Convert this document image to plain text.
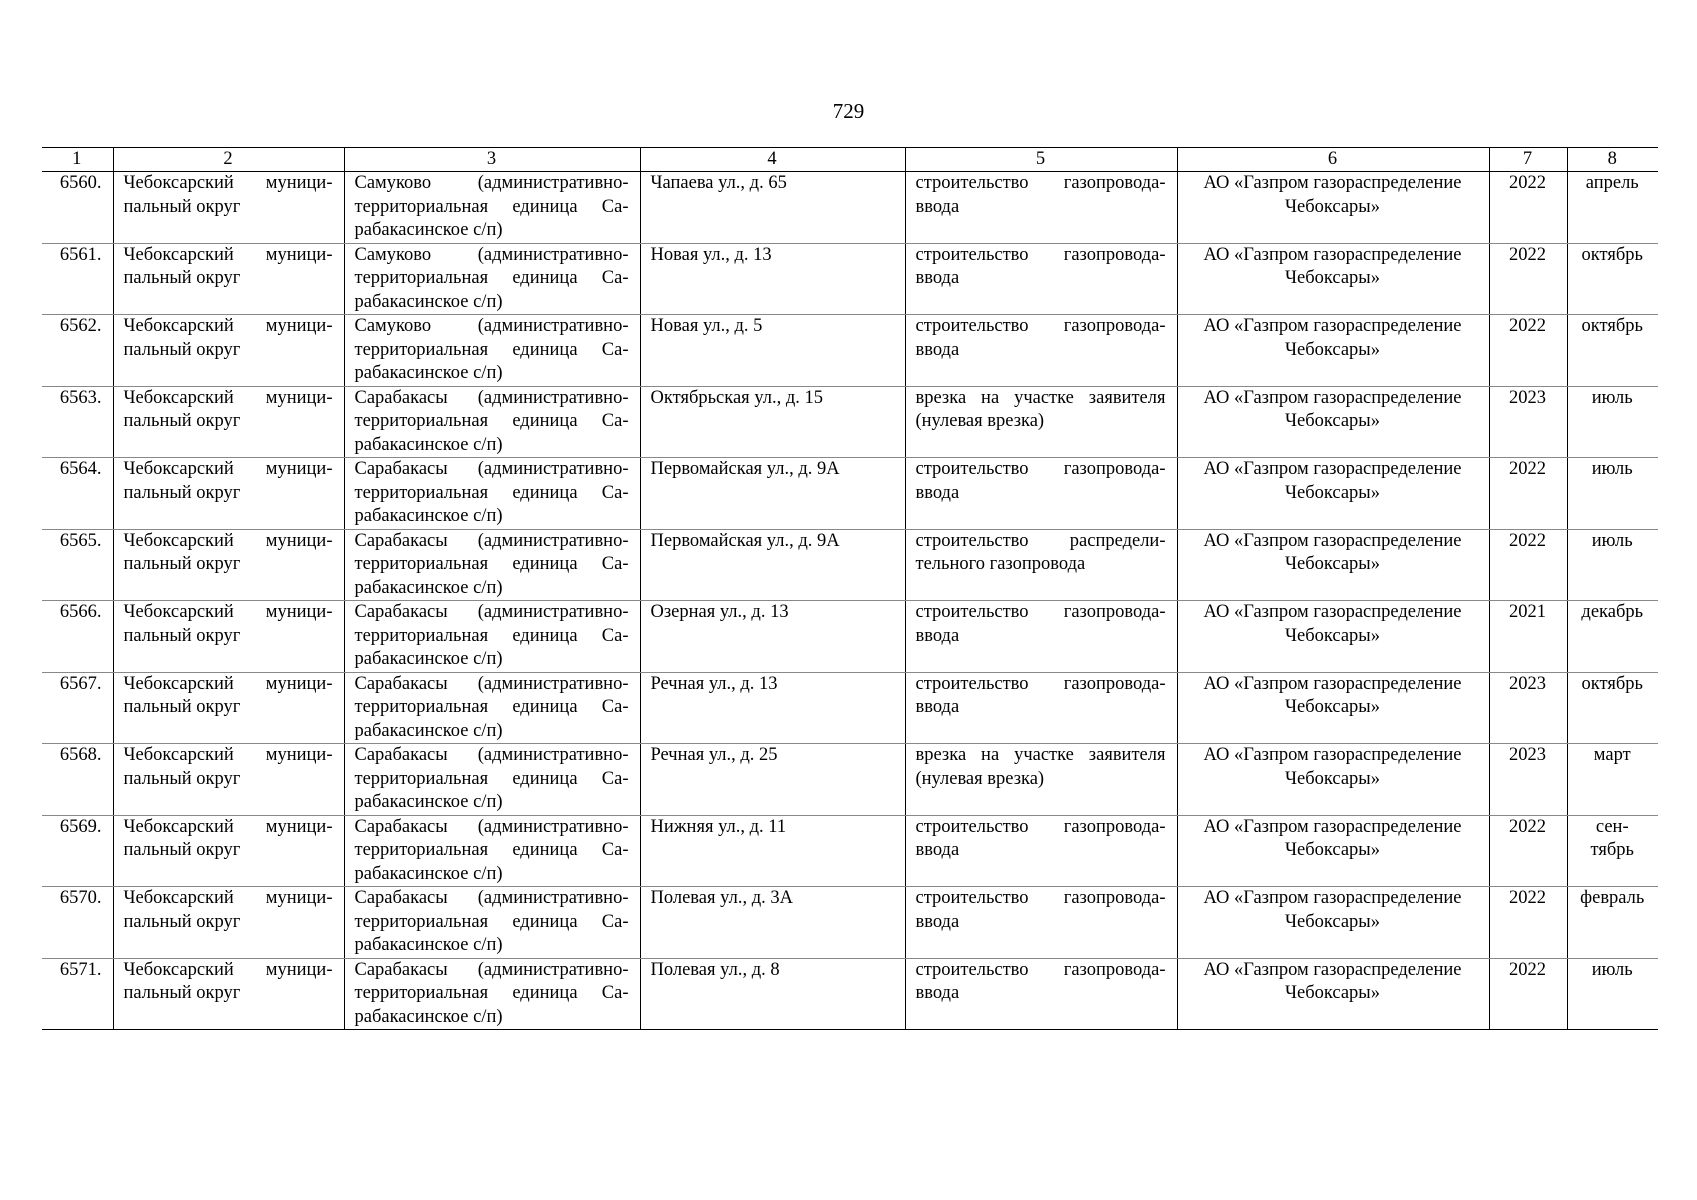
729
1	2	3	4	5	6	7	8
6560.	Чебоксарский муници-пальный округ	Самуково (административно-территориальная единица Са-рабакасинское с/п)	Чапаева ул., д. 65	строительство газопровода-ввода	АО «Газпром газораспределение Чебоксары»	2022	апрель
6561.	Чебоксарский муници-пальный округ	Самуково (административно-территориальная единица Са-рабакасинское с/п)	Новая ул., д. 13	строительство газопровода-ввода	АО «Газпром газораспределение Чебоксары»	2022	октябрь
6562.	Чебоксарский муници-пальный округ	Самуково (административно-территориальная единица Са-рабакасинское с/п)	Новая ул., д. 5	строительство газопровода-ввода	АО «Газпром газораспределение Чебоксары»	2022	октябрь
6563.	Чебоксарский муници-пальный округ	Сарабакасы (административно-территориальная единица Са-рабакасинское с/п)	Октябрьская ул., д. 15	врезка на участке заявителя (нулевая врезка)	АО «Газпром газораспределение Чебоксары»	2023	июль
6564.	Чебоксарский муници-пальный округ	Сарабакасы (административно-территориальная единица Са-рабакасинское с/п)	Первомайская ул., д. 9А	строительство газопровода-ввода	АО «Газпром газораспределение Чебоксары»	2022	июль
6565.	Чебоксарский муници-пальный округ	Сарабакасы (административно-территориальная единица Са-рабакасинское с/п)	Первомайская ул., д. 9А	строительство распредели-тельного газопровода	АО «Газпром газораспределение Чебоксары»	2022	июль
6566.	Чебоксарский муници-пальный округ	Сарабакасы (административно-территориальная единица Са-рабакасинское с/п)	Озерная ул., д. 13	строительство газопровода-ввода	АО «Газпром газораспределение Чебоксары»	2021	декабрь
6567.	Чебоксарский муници-пальный округ	Сарабакасы (административно-территориальная единица Са-рабакасинское с/п)	Речная ул., д. 13	строительство газопровода-ввода	АО «Газпром газораспределение Чебоксары»	2023	октябрь
6568.	Чебоксарский муници-пальный округ	Сарабакасы (административно-территориальная единица Са-рабакасинское с/п)	Речная ул., д. 25	врезка на участке заявителя (нулевая врезка)	АО «Газпром газораспределение Чебоксары»	2023	март
6569.	Чебоксарский муници-пальный округ	Сарабакасы (административно-территориальная единица Са-рабакасинское с/п)	Нижняя ул., д. 11	строительство газопровода-ввода	АО «Газпром газораспределение Чебоксары»	2022	сен-тябрь
6570.	Чебоксарский муници-пальный округ	Сарабакасы (административно-территориальная единица Са-рабакасинское с/п)	Полевая ул., д. 3А	строительство газопровода-ввода	АО «Газпром газораспределение Чебоксары»	2022	февраль
6571.	Чебоксарский муници-пальный округ	Сарабакасы (административно-территориальная единица Са-рабакасинское с/п)	Полевая ул., д. 8	строительство газопровода-ввода	АО «Газпром газораспределение Чебоксары»	2022	июль
